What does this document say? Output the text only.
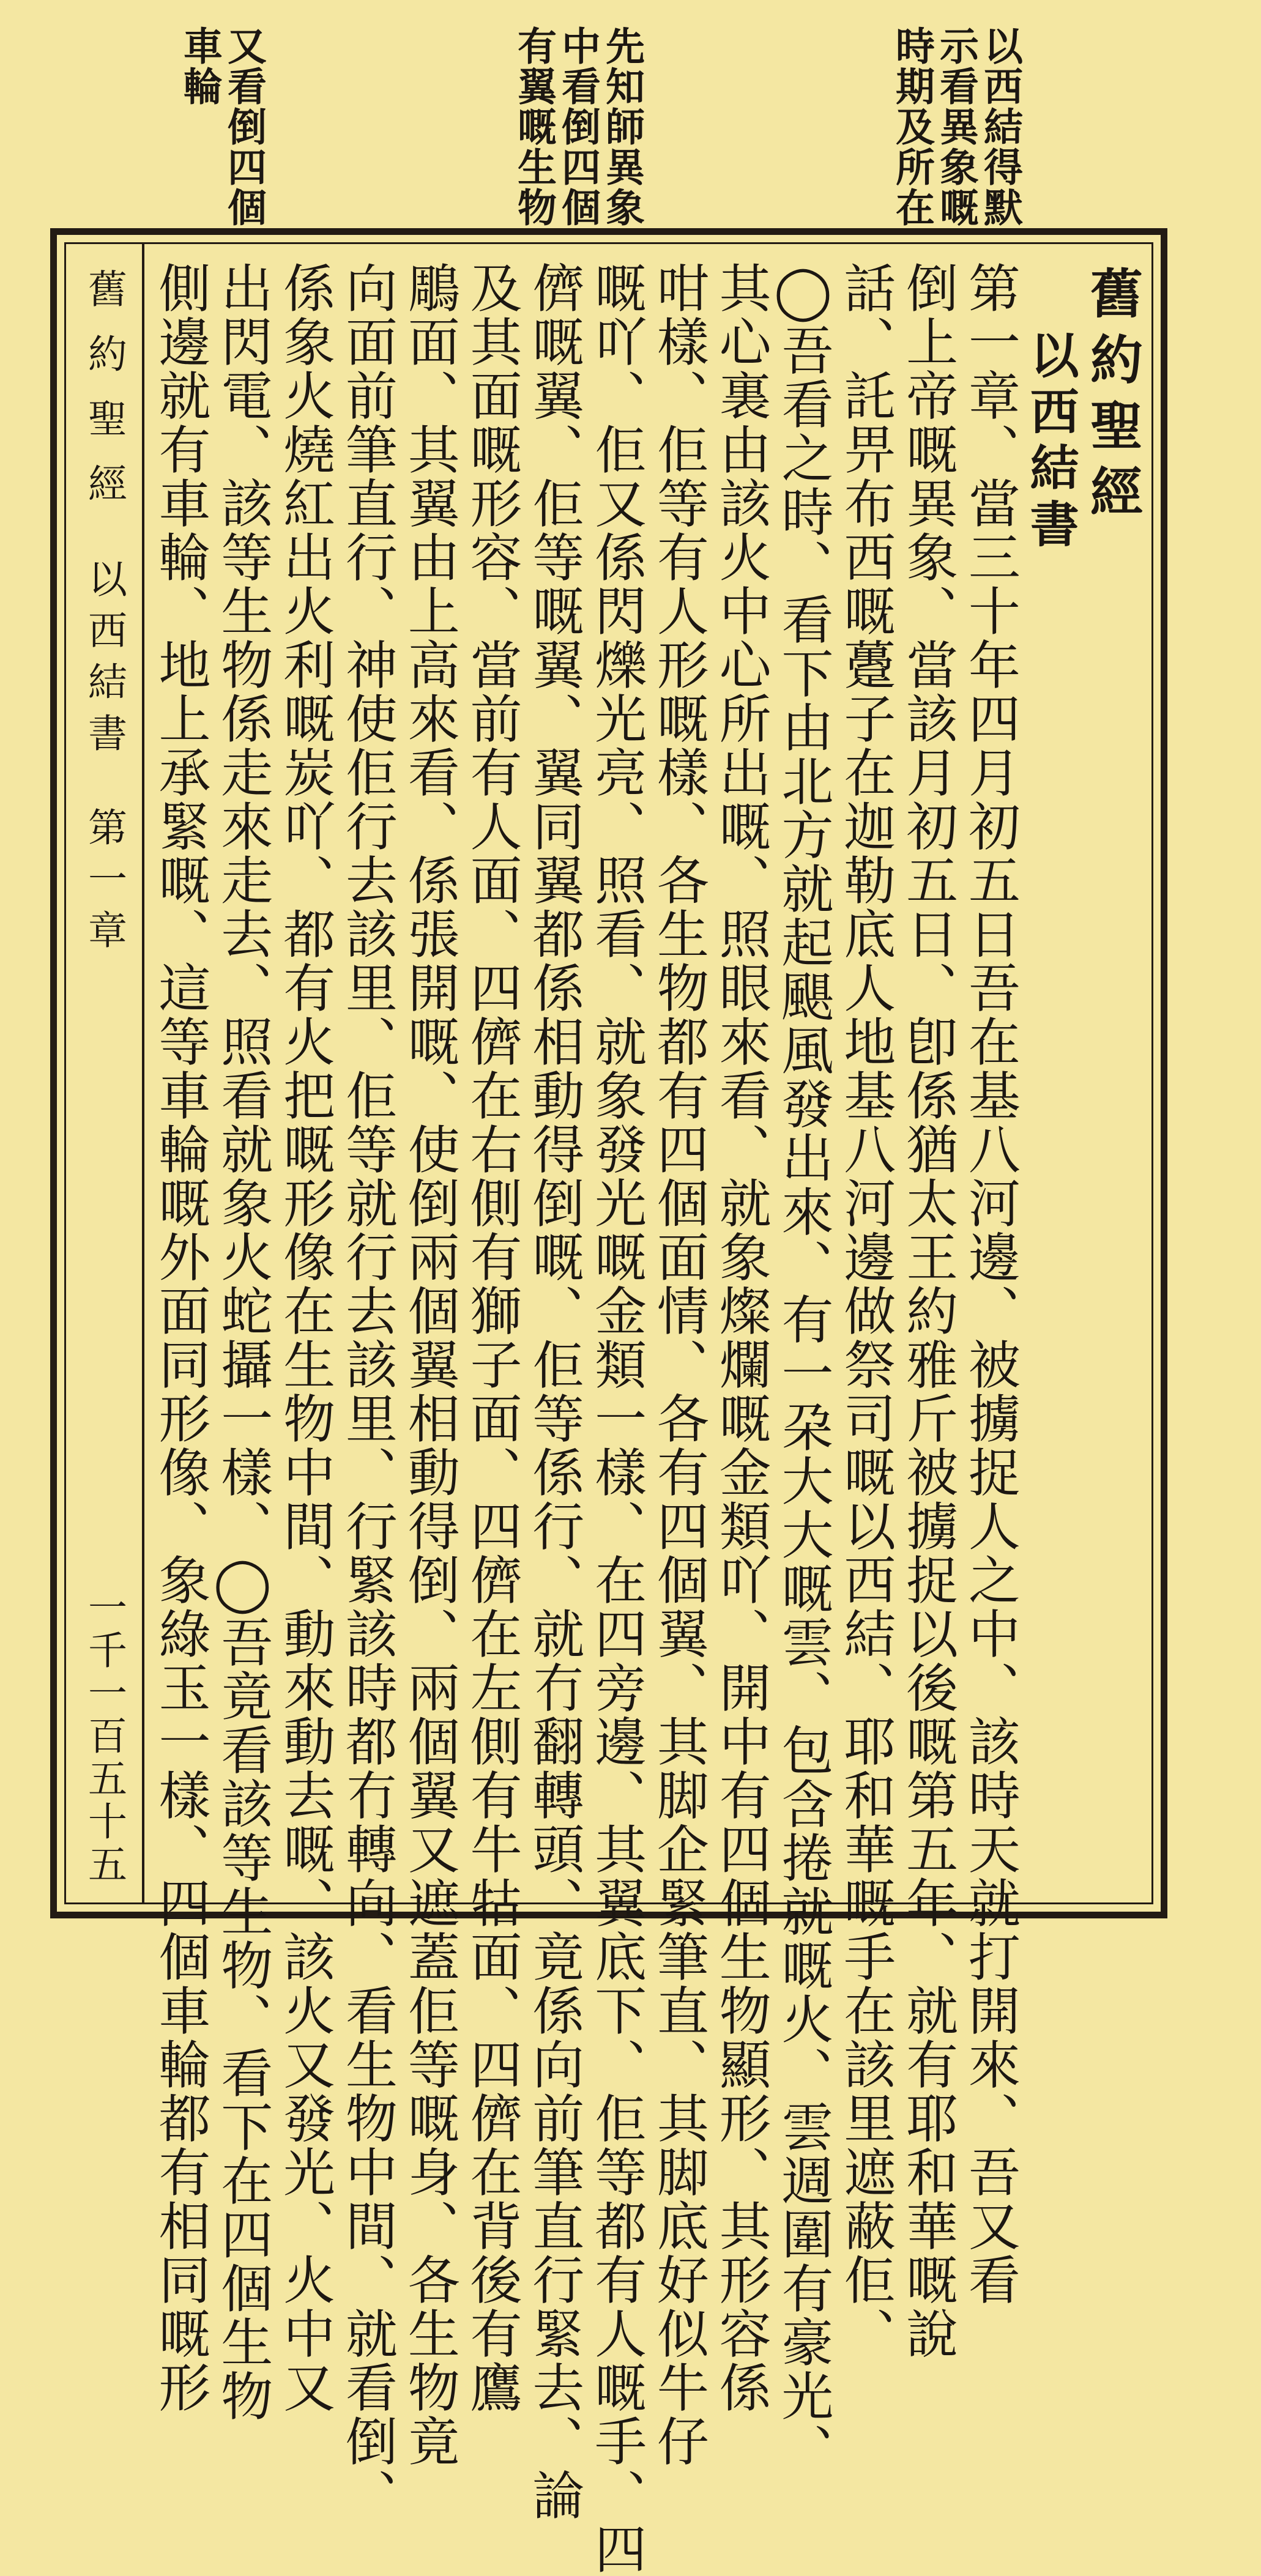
以西結得默
示看異象嘅
時期及所在
先知師異象
中看倒四個
有翼嘅生物
又看倒四個
車輪
舊約聖經
以西結書
第一章
一千一百五十五
舊約聖經
以西結書
第一章、當三十年四月初五日吾在基八河邊、被擄捉人之中、該時天就打開來、吾又看
倒上帝嘅異象、當該月初五日、卽係猶太王約雅斤被擄捉以後嘅第五年、就有耶和華嘅說
話、託畀布西嘅躉子在迦勒底人地基八河邊做祭司嘅以西結、耶和華嘅手在該里遮蔽佢、
◯吾看之時、看下由北方就起颶風發出來、有一朶大大嘅雲、包含捲就嘅火、雲週圍有豪光、
其心裏由該火中心所出嘅、照眼來看、就象燦爛嘅金類吖、開中有四個生物顯形、其形容係
咁樣、佢等有人形嘅樣、各生物都有四個面情、各有四個翼、其脚企緊筆直、其脚底好似牛仔
嘅吖、佢又係閃爍光亮、照看、就象發光嘅金類一樣、在四旁邊、其翼底下、佢等都有人嘅手、四
儕嘅翼、佢等嘅翼、翼同翼都係相動得倒嘅、佢等係行、就冇翻轉頭、竟係向前筆直行緊去、論
及其面嘅形容、當前有人面、四儕在右側有獅子面、四儕在左側有牛牯面、四儕在背後有鷹
鵰面、其翼由上高來看、係張開嘅、使倒兩個翼相動得倒、兩個翼又遮蓋佢等嘅身、各生物竟
向面前筆直行、神使佢行去該里、佢等就行去該里、行緊該時都冇轉向、看生物中間、就看倒、
係象火燒紅出火利嘅炭吖、都有火把嘅形像在生物中間、動來動去嘅、該火又發光、火中又
出閃電、該等生物係走來走去、照看就象火蛇攝一樣、◯吾竟看該等生物、看下在四個生物
側邊就有車輪、地上承緊嘅、這等車輪嘅外面同形像、象綠玉一樣、四個車輪都有相同嘅形
